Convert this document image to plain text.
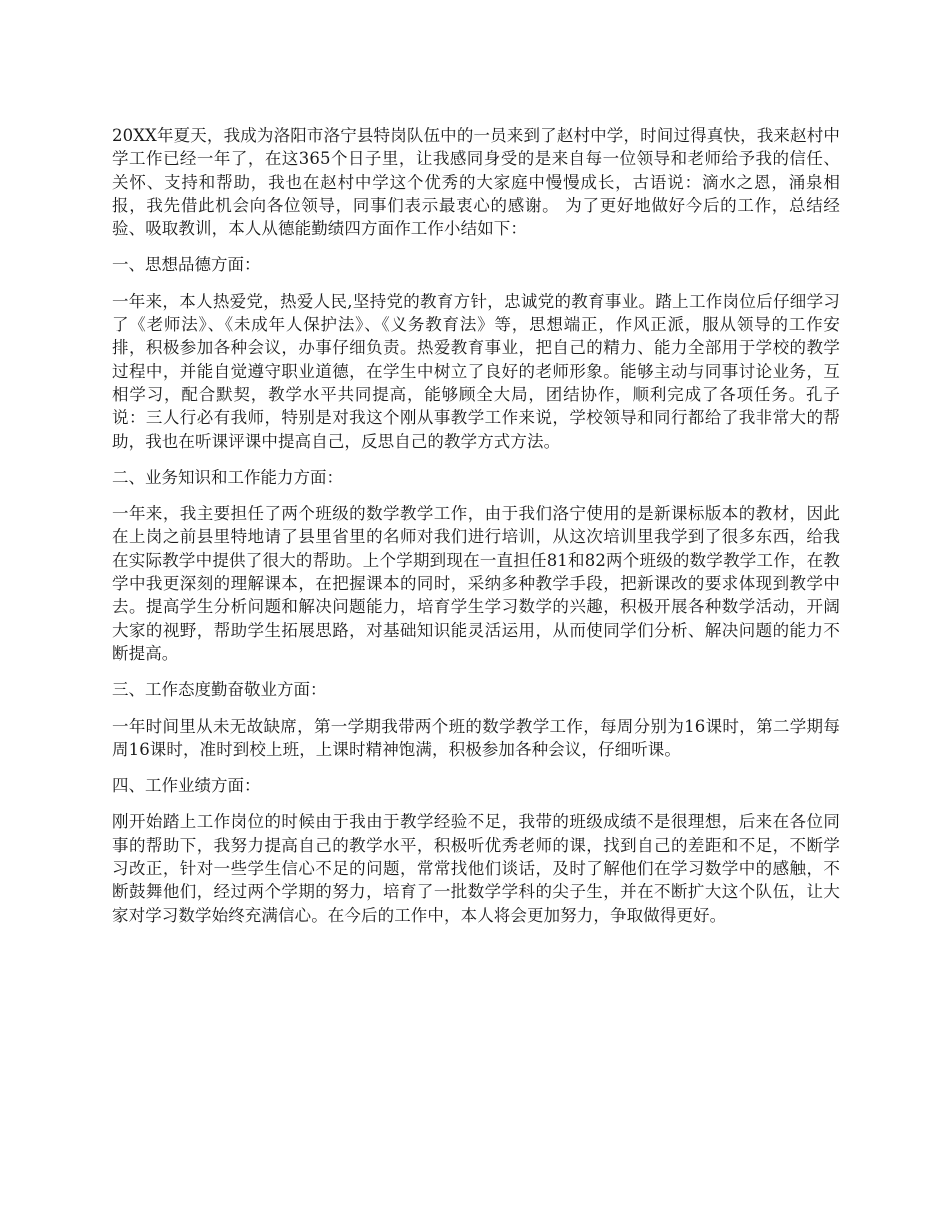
20XX年夏天，我成为洛阳市洛宁县特岗队伍中的一员来到了赵村中学，时间过得真快，我来赵村中学工作已经一年了，在这365个日子里，让我感同身受的是来自每一位领导和老师给予我的信任、关怀、支持和帮助，我也在赵村中学这个优秀的大家庭中慢慢成长，古语说：滴水之恩，涌泉相报，我先借此机会向各位领导，同事们表示最衷心的感谢。 为了更好地做好今后的工作，总结经验、吸取教训，本人从德能勤绩四方面作工作小结如下：

一、思想品德方面：

一年来，本人热爱党，热爱人民,坚持党的教育方针，忠诚党的教育事业。踏上工作岗位后仔细学习了《老师法》、《未成年人保护法》、《义务教育法》等，思想端正，作风正派，服从领导的工作安排，积极参加各种会议，办事仔细负责。热爱教育事业，把自己的精力、能力全部用于学校的教学过程中，并能自觉遵守职业道德，在学生中树立了良好的老师形象。能够主动与同事讨论业务，互相学习，配合默契，教学水平共同提高，能够顾全大局，团结协作，顺利完成了各项任务。孔子说：三人行必有我师，特别是对我这个刚从事教学工作来说，学校领导和同行都给了我非常大的帮助，我也在听课评课中提高自己，反思自己的教学方式方法。

二、业务知识和工作能力方面：

一年来，我主要担任了两个班级的数学教学工作，由于我们洛宁使用的是新课标版本的教材，因此在上岗之前县里特地请了县里省里的名师对我们进行培训，从这次培训里我学到了很多东西，给我在实际教学中提供了很大的帮助。上个学期到现在一直担任81和82两个班级的数学教学工作，在教学中我更深刻的理解课本，在把握课本的同时，采纳多种教学手段，把新课改的要求体现到教学中去。提高学生分析问题和解决问题能力，培育学生学习数学的兴趣，积极开展各种数学活动，开阔大家的视野，帮助学生拓展思路，对基础知识能灵活运用，从而使同学们分析、解决问题的能力不断提高。

三、工作态度勤奋敬业方面：

一年时间里从未无故缺席，第一学期我带两个班的数学教学工作，每周分别为16课时，第二学期每周16课时，准时到校上班，上课时精神饱满，积极参加各种会议，仔细听课。

四、工作业绩方面：

刚开始踏上工作岗位的时候由于我由于教学经验不足，我带的班级成绩不是很理想，后来在各位同事的帮助下，我努力提高自己的教学水平，积极听优秀老师的课，找到自己的差距和不足，不断学习改正，针对一些学生信心不足的问题，常常找他们谈话，及时了解他们在学习数学中的感触，不断鼓舞他们，经过两个学期的努力，培育了一批数学学科的尖子生，并在不断扩大这个队伍，让大家对学习数学始终充满信心。在今后的工作中，本人将会更加努力，争取做得更好。
